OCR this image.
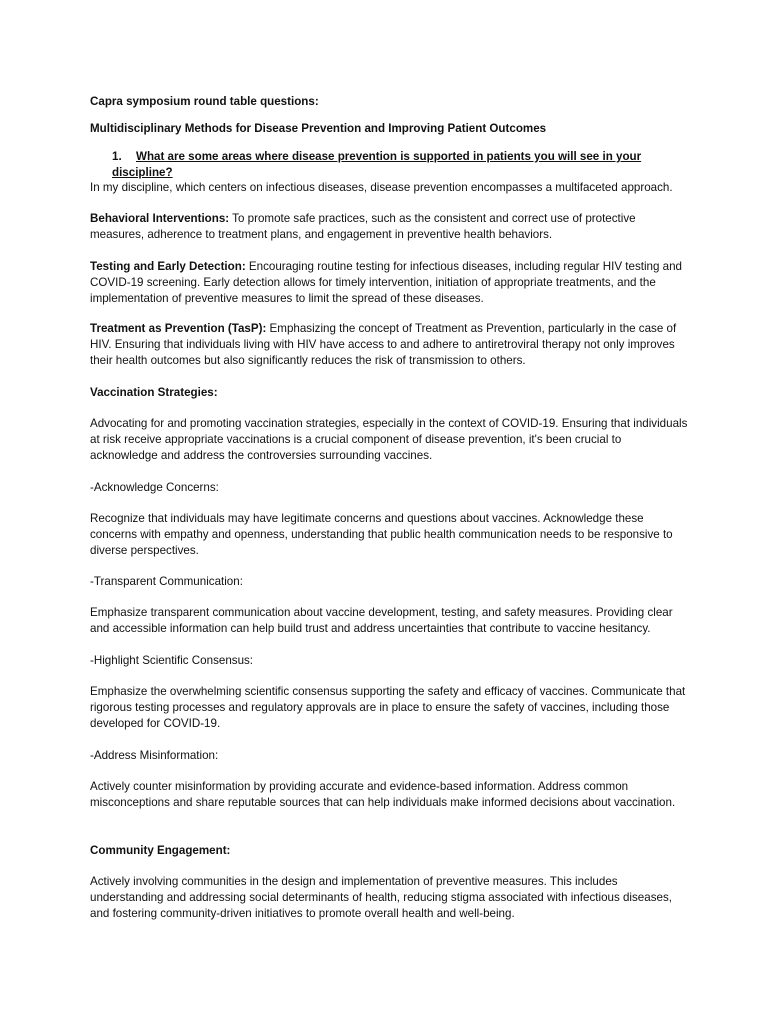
Capra symposium round table questions:

Multidisciplinary Methods for Disease Prevention and Improving Patient Outcomes

1. What are some areas where disease prevention is supported in patients you will see in your discipline?

In my discipline, which centers on infectious diseases, disease prevention encompasses a multifaceted approach.

Behavioral Interventions: To promote safe practices, such as the consistent and correct use of protective measures, adherence to treatment plans, and engagement in preventive health behaviors.

Testing and Early Detection: Encouraging routine testing for infectious diseases, including regular HIV testing and COVID-19 screening. Early detection allows for timely intervention, initiation of appropriate treatments, and the implementation of preventive measures to limit the spread of these diseases.

Treatment as Prevention (TasP): Emphasizing the concept of Treatment as Prevention, particularly in the case of HIV. Ensuring that individuals living with HIV have access to and adhere to antiretroviral therapy not only improves their health outcomes but also significantly reduces the risk of transmission to others.

Vaccination Strategies:

Advocating for and promoting vaccination strategies, especially in the context of COVID-19. Ensuring that individuals at risk receive appropriate vaccinations is a crucial component of disease prevention, it's been crucial to acknowledge and address the controversies surrounding vaccines.

-Acknowledge Concerns:

Recognize that individuals may have legitimate concerns and questions about vaccines. Acknowledge these concerns with empathy and openness, understanding that public health communication needs to be responsive to diverse perspectives.

-Transparent Communication:

Emphasize transparent communication about vaccine development, testing, and safety measures. Providing clear and accessible information can help build trust and address uncertainties that contribute to vaccine hesitancy.

-Highlight Scientific Consensus:

Emphasize the overwhelming scientific consensus supporting the safety and efficacy of vaccines. Communicate that rigorous testing processes and regulatory approvals are in place to ensure the safety of vaccines, including those developed for COVID-19.

-Address Misinformation:

Actively counter misinformation by providing accurate and evidence-based information. Address common misconceptions and share reputable sources that can help individuals make informed decisions about vaccination.

Community Engagement:

Actively involving communities in the design and implementation of preventive measures. This includes understanding and addressing social determinants of health, reducing stigma associated with infectious diseases, and fostering community-driven initiatives to promote overall health and well-being.
